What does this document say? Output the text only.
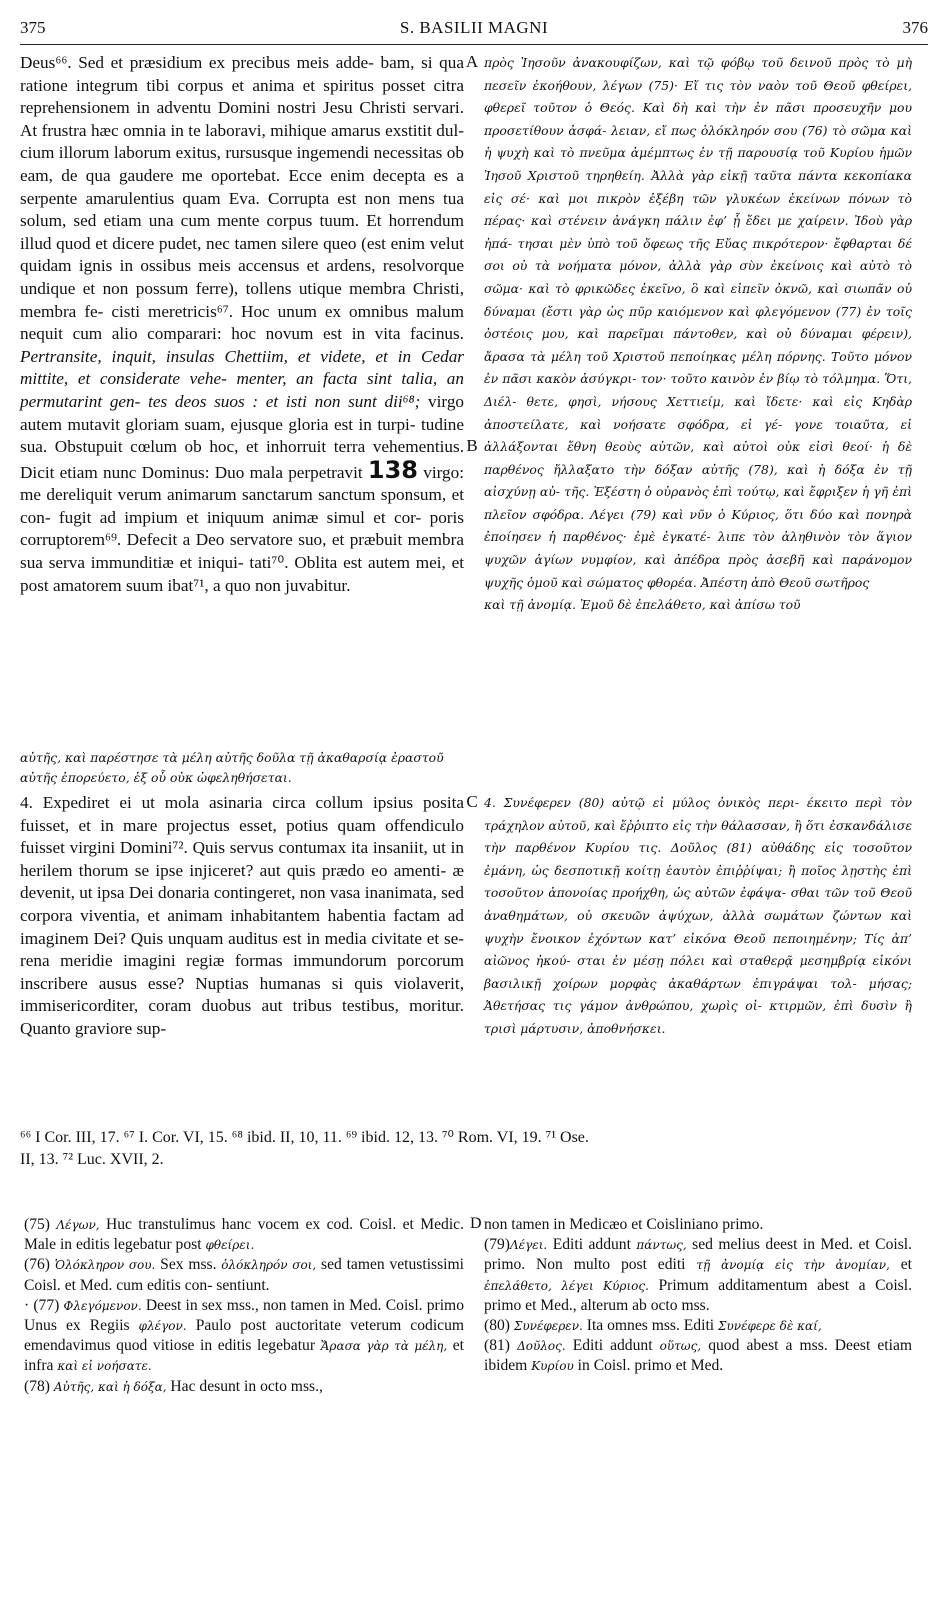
375	S. BASILII MAGNI	376

Deus⁶⁶. Sed et præsidium ex precibus meis adde- bam, si qua ratione integrum tibi corpus et anima et spiritus posset citra reprehensionem in adventu Domini nostri Jesu Christi servari. At frustra hæc omnia in te laboravi, mihique amarus exstitit dul- cium illorum laborum exitus, rursusque ingemendi necessitas ob eam, de qua gaudere me oportebat. Ecce enim decepta es a serpente amarulentius quam Eva. Corrupta est non mens tua solum, sed etiam una cum mente corpus tuum. Et horrendum illud quod et dicere pudet, nec tamen silere queo (est enim velut quidam ignis in ossibus meis accensus et ardens, resolvorque undique et non possum ferre), tollens utique membra Christi, membra fe- cisti meretricis⁶⁷. Hoc unum ex omnibus malum nequit cum alio comparari: hoc novum est in vita facinus. Pertransite, inquit, insulas Chettiim, et videte, et in Cedar mittite, et considerate vehe- menter, an facta sint talia, an permutarint gen- tes deos suos : et isti non sunt dii⁶⁸; virgo autem mutavit gloriam suam, ejusque gloria est in turpi- tudine sua. Obstupuit cœlum ob hoc, et inhorruit terra vehementius. Dicit etiam nunc Dominus: Duo mala perpetravit 138 virgo: me dereliquit verum animarum sanctarum sanctum sponsum, et con- fugit ad impium et iniquum animæ simul et cor- poris corruptorem⁶⁹. Defecit a Deo servatore suo, et præbuit membra sua serva immunditiæ et iniqui- tati⁷⁰. Oblita est autem mei, et post amatorem suum ibat⁷¹, a quo non juvabitur.

πρὸς Ἰησοῦν ἀνακουφίζων, καὶ τῷ φόβῳ τοῦ δεινοῦ πρὸς τὸ μὴ πεσεῖν ἐκοήθουν, λέγων (75)· Εἴ τις τὸν ναὸν τοῦ Θεοῦ φθείρει, φθερεῖ τοῦτον ὁ Θεός. Καὶ δὴ καὶ τὴν ἐν πᾶσι προσευχῆν μου προσετίθουν ἀσφά- λειαν, εἴ πως ὁλόκληρόν σου (76) τὸ σῶμα καὶ ἡ ψυχὴ καὶ τὸ πνεῦμα ἀμέμπτως ἐν τῇ παρουσίᾳ τοῦ Κυρίου ἡμῶν Ἰησοῦ Χριστοῦ τηρηθείη. Ἀλλὰ γὰρ εἰκῇ ταῦτα πάντα κεκοπίακα εἰς σέ· καὶ μοι πικρὸν ἐξέβη τῶν γλυκέων ἐκείνων πόνων τὸ πέρας· καὶ στένειν ἀνάγκη πάλιν ἐφ’ ᾗ ἔδει με χαίρειν. Ἰδοὺ γὰρ ἠπά- τησαι μὲν ὑπὸ τοῦ ὄφεως τῆς Εὔας πικρότερον· ἔφθαρται δέ σοι οὐ τὰ νοήματα μόνον, ἀλλὰ γὰρ σὺν ἐκείνοις καὶ αὐτὸ τὸ σῶμα· καὶ τὸ φρικῶδες ἐκεῖνο, ὃ καὶ εἰπεῖν ὀκνῶ, καὶ σιωπᾶν οὐ δύναμαι (ἔστι γὰρ ὡς πῦρ καιόμενον καὶ φλεγόμενον (77) ἐν τοῖς ὀστέοις μου, καὶ παρεῖμαι πάντοθεν, καὶ οὐ δύναμαι φέρειν), ἄρασα τὰ μέλη τοῦ Χριστοῦ πεποίηκας μέλη πόρνης. Τοῦτο μόνον ἐν πᾶσι κακὸν ἀσύγκρι- τον· τοῦτο καινὸν ἐν βίῳ τὸ τόλμημα. Ὅτι, Διέλ- θετε, φησὶ, νήσους Χεττιείμ, καὶ ἴδετε· καὶ εἰς Κηδὰρ ἀποστείλατε, καὶ νοήσατε σφόδρα, εἰ γέ- γονε τοιαῦτα, εἰ ἀλλάξονται ἔθνη θεοὺς αὐτῶν, καὶ αὐτοὶ οὐκ εἰσὶ θεοί· ἡ δὲ παρθένος ἤλλαξατο τὴν δόξαν αὐτῆς (78), καὶ ἡ δόξα ἐν τῇ αἰσχύνῃ αὐ- τῆς. Ἐξέστη ὁ οὐρανὸς ἐπὶ τούτῳ, καὶ ἔφριξεν ἡ γῆ ἐπὶ πλεῖον σφόδρα. Λέγει (79) καὶ νῦν ὁ Κύριος, ὅτι δύο καὶ πονηρὰ ἐποίησεν ἡ παρθένος· ἐμὲ ἐγκατέ- λιπε τὸν ἀληθινὸν τὸν ἅγιον ψυχῶν ἁγίων νυμφίον, καὶ ἀπέδρα πρὸς ἀσεβῆ καὶ παράνομον ψυχῆς ὁμοῦ καὶ σώματος φθορέα. Ἀπέστη ἀπὸ Θεοῦ σωτῆρος

καὶ τῇ ἀνομίᾳ. Ἐμοῦ δὲ ἐπελάθετο, καὶ ἀπίσω τοῦ

αὐτῆς, καὶ παρέστησε τὰ μέλη αὐτῆς δοῦλα τῇ ἀκαθαρσίᾳ ἐραστοῦ αὐτῆς ἐπορεύετο, ἐξ οὗ οὐκ ὠφεληθήσεται.

4. Expediret ei ut mola asinaria circa collum ipsius posita fuisset, et in mare projectus esset, potius quam offendiculo fuisset virgini Domini⁷². Quis servus contumax ita insaniit, ut in herilem thorum se ipse injiceret? aut quis prædo eo amenti- æ devenit, ut ipsa Dei donaria contingeret, non vasa inanimata, sed corpora viventia, et animam inhabitantem habentia factam ad imaginem Dei? Quis unquam auditus est in media civitate et se- rena meridie imagini regiæ formas immundorum porcorum inscribere ausus esse? Nuptias humanas si quis violaverit, immisericorditer, coram duobus aut tribus testibus, moritur. Quanto graviore sup-

4. Συνέφερεν (80) αὐτῷ εἰ μύλος ὀνικὸς περι- έκειτο περὶ τὸν τράχηλον αὐτοῦ, καὶ ἔῤῥιπτο εἰς τὴν θάλασσαν, ἢ ὅτι ἐσκανδάλισε τὴν παρθένον Κυρίου τις. Δοῦλος (81) αὐθάδης εἰς τοσοῦτον ἐμάνη, ὡς δεσποτικῇ κοίτῃ ἑαυτὸν ἐπιῤῥίψαι; ἢ ποῖος λῃστὴς ἐπὶ τοσοῦτον ἀπονοίας προήχθη, ὡς αὐτῶν ἐφάψα- σθαι τῶν τοῦ Θεοῦ ἀναθημάτων, οὐ σκευῶν ἀψύχων, ἀλλὰ σωμάτων ζώντων καὶ ψυχὴν ἔνοικον ἐχόντων κατ’ εἰκόνα Θεοῦ πεποιημένην; Τίς ἀπ’ αἰῶνος ἠκού- σται ἐν μέσῃ πόλει καὶ σταθερᾷ μεσημβρίᾳ εἰκόνι βασιλικῇ χοίρων μορφὰς ἀκαθάρτων ἐπιγράψαι τολ- μήσας; Ἀθετήσας τις γάμον ἀνθρώπου, χωρὶς οἰ- κτιρμῶν, ἐπὶ δυσὶν ἢ τρισὶ μάρτυσιν, ἀποθνήσκει.

A
B
C

⁶⁶ I Cor. III, 17. ⁶⁷ I. Cor. VI, 15. ⁶⁸ ibid. II, 10, 11. ⁶⁹ ibid. 12, 13. ⁷⁰ Rom. VI, 19. ⁷¹ Ose.

II, 13. ⁷² Luc. XVII, 2.

(75) Λέγων, Huc transtulimus hanc vocem ex cod. Coisl. et Medic. Male in editis legebatur post φθείρει.

(76) Ὁλόκληρον σου. Sex mss. ὁλόκληρόν σοι, sed tamen vetustissimi Coisl. et Med. cum editis con- sentiunt.

· (77) Φλεγόμενον. Deest in sex mss., non tamen in Med. Coisl. primo Unus ex Regiis φλέγον. Paulo post auctoritate veterum codicum emendavimus quod vitiose in editis legebatur Ἄρασα γὰρ τὰ μέλη, et infra καὶ εἰ νοήσατε.

(78) Αὐτῆς, καὶ ἡ δόξα, Hac desunt in octo mss.,

D non tamen in Medicæo et Coisliniano primo.

(79)Λέγει. Editi addunt πάντως, sed melius deest in Med. et Coisl. primo. Non multo post editi τῇ ἀνομίᾳ εἰς τὴν ἀνομίαν, et ἐπελάθετο, λέγει Κύριος. Primum additamentum abest a Coisl. primo et Med., alterum ab octo mss.

(80) Συνέφερεν. Ita omnes mss. Editi Συνέφερε δὲ καί,

(81) Δοῦλος. Editi addunt οὕτως, quod abest a mss. Deest etiam ibidem Κυρίου in Coisl. primo et Med.
